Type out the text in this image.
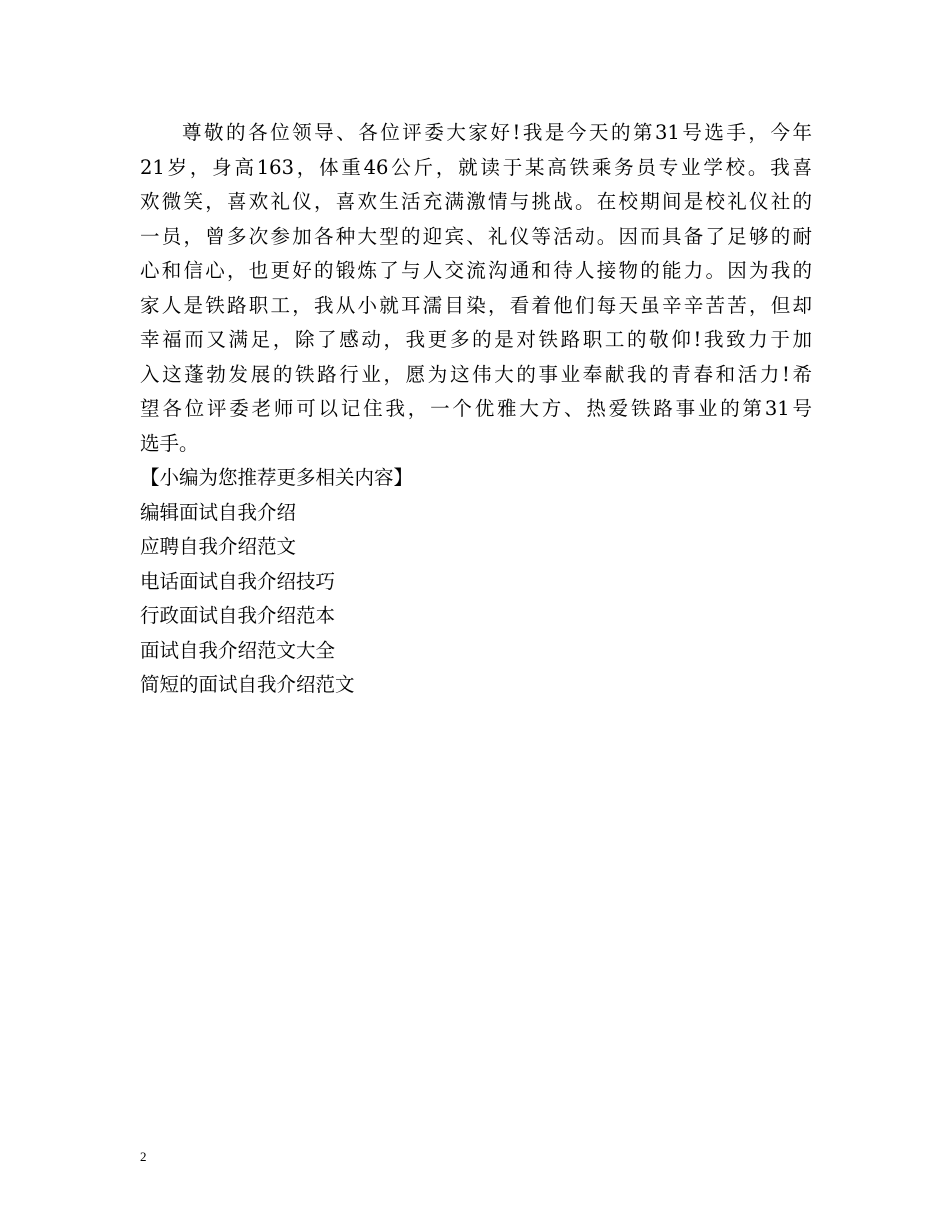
尊敬的各位领导、各位评委大家好!我是今天的第31号选手，今年
21岁，身高163，体重46公斤，就读于某高铁乘务员专业学校。我喜
欢微笑，喜欢礼仪，喜欢生活充满激情与挑战。在校期间是校礼仪社的
一员，曾多次参加各种大型的迎宾、礼仪等活动。因而具备了足够的耐
心和信心，也更好的锻炼了与人交流沟通和待人接物的能力。因为我的
家人是铁路职工，我从小就耳濡目染，看着他们每天虽辛辛苦苦，但却
幸福而又满足，除了感动，我更多的是对铁路职工的敬仰!我致力于加
入这蓬勃发展的铁路行业，愿为这伟大的事业奉献我的青春和活力!希
望各位评委老师可以记住我，一个优雅大方、热爱铁路事业的第31号
选手。
【小编为您推荐更多相关内容】
编辑面试自我介绍
应聘自我介绍范文
电话面试自我介绍技巧
行政面试自我介绍范本
面试自我介绍范文大全
简短的面试自我介绍范文
2
